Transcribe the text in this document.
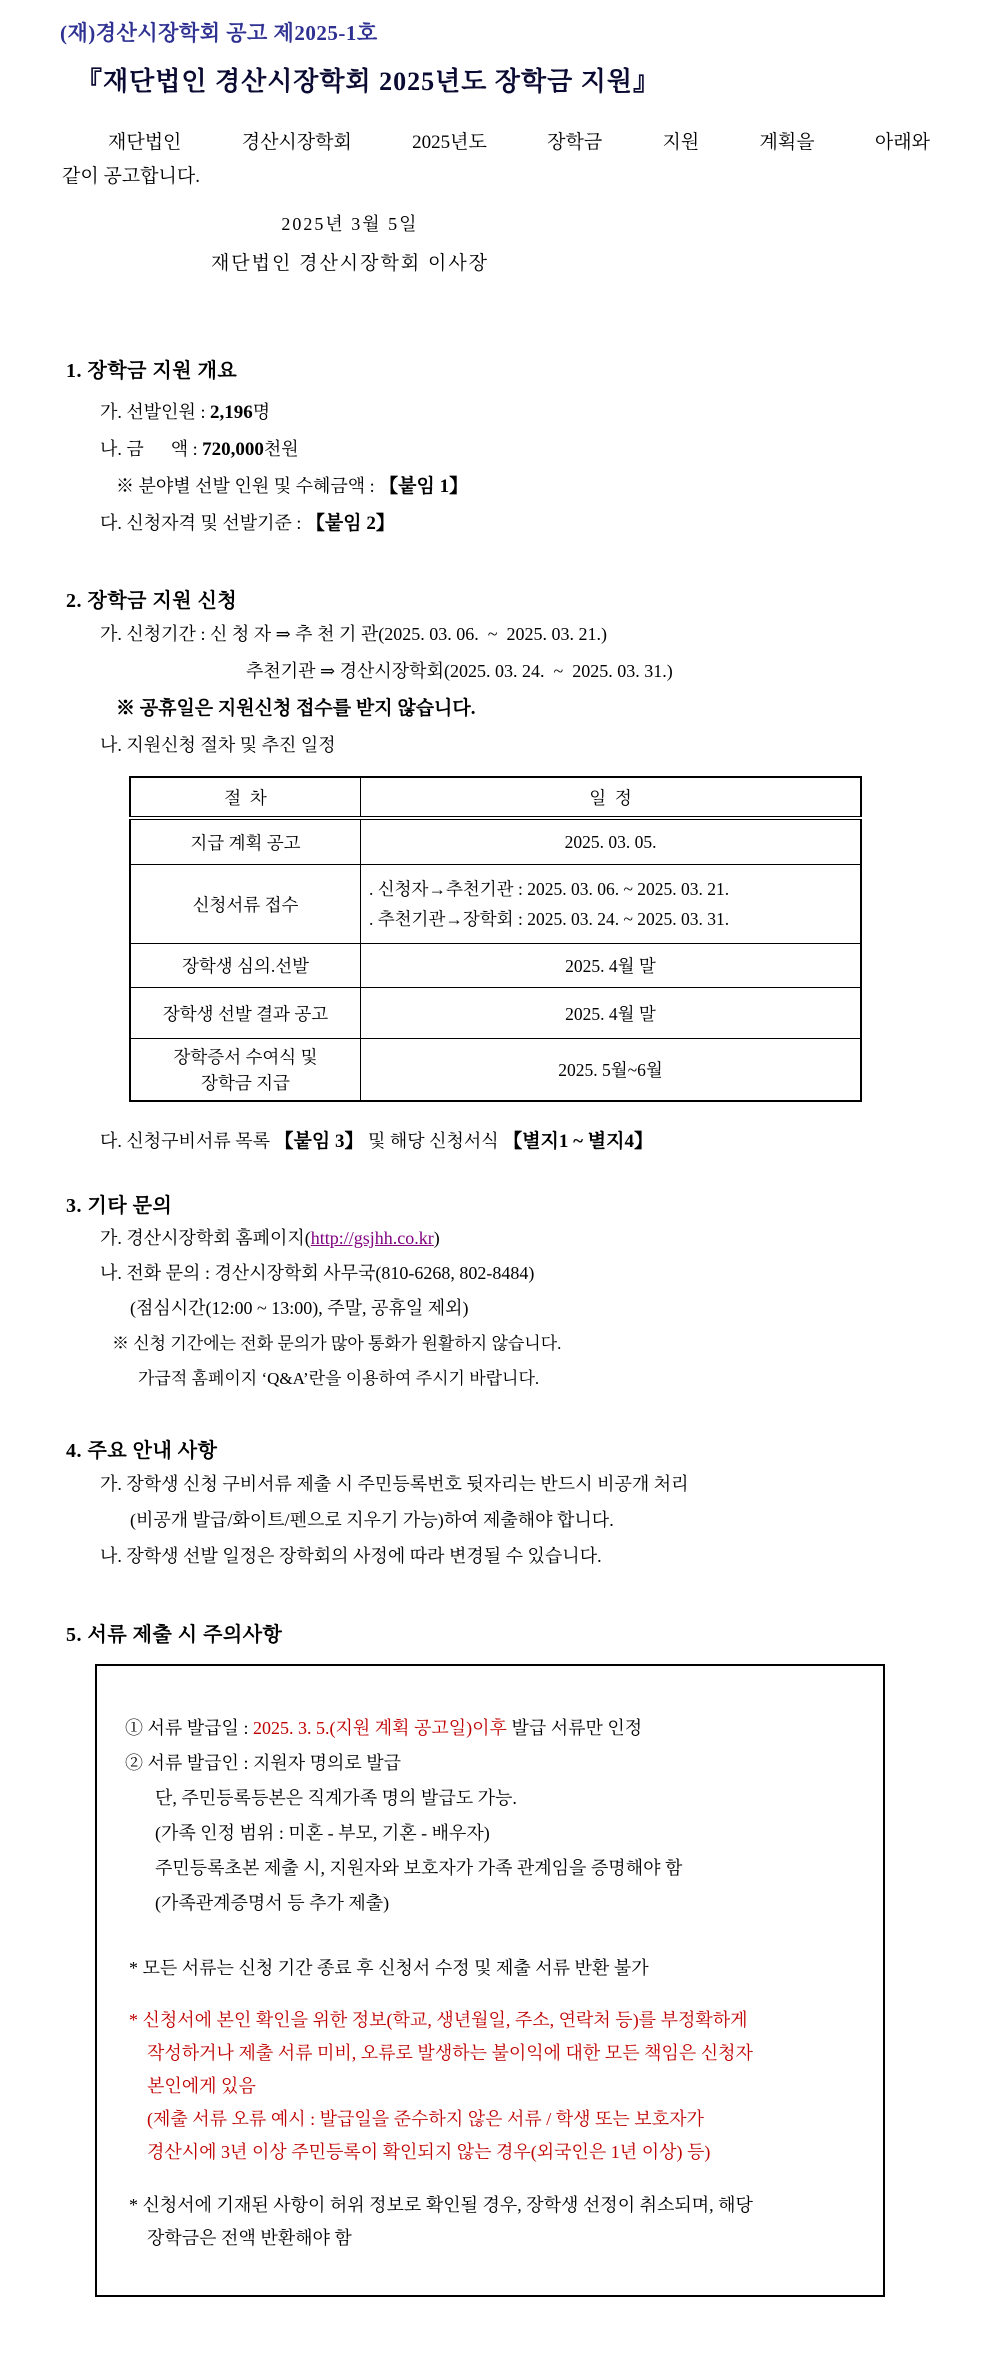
(재)경산시장학회 공고 제2025-1호
『재단법인 경산시장학회 2025년도 장학금 지원』
재단법인 경산시장학회 2025년도 장학금 지원 계획을 아래와
같이 공고합니다.
2025년 3월 5일
재단법인 경산시장학회 이사장
1. 장학금 지원 개요
가. 선발인원 : 2,196명
나. 금      액 : 720,000천원
※ 분야별 선발 인원 및 수혜금액 : 【붙임 1】
다. 신청자격 및 선발기준 : 【붙임 2】
2. 장학금 지원 신청
가. 신청기간 : 신 청 자 ⇒ 추 천 기 관(2025. 03. 06.  ~  2025. 03. 21.)
추천기관 ⇒ 경산시장학회(2025. 03. 24.  ~  2025. 03. 31.)
※ 공휴일은 지원신청 접수를 받지 않습니다.
나. 지원신청 절차 및 추진 일정
절  차	일  정
지급 계획 공고	2025. 03. 05.
신청서류 접수	. 신청자→추천기관 : 2025. 03. 06. ~ 2025. 03. 21.
. 추천기관→장학회 : 2025. 03. 24. ~ 2025. 03. 31.

장학생 심의.선발	2025. 4월 말
장학생 선발 결과 공고	2025. 4월 말

장학증서 수여식 및
장학금 지급	2025. 5월~6월
다. 신청구비서류 목록 【붙임 3】 및 해당 신청서식 【별지1 ~ 별지4】
3. 기타 문의
가. 경산시장학회 홈페이지(http://gsjhh.co.kr)
나. 전화 문의 : 경산시장학회 사무국(810-6268, 802-8484)
(점심시간(12:00 ~ 13:00), 주말, 공휴일 제외)
※ 신청 기간에는 전화 문의가 많아 통화가 원활하지 않습니다.
가급적 홈페이지 ‘Q&A’란을 이용하여 주시기 바랍니다.
4. 주요 안내 사항
가. 장학생 신청 구비서류 제출 시 주민등록번호 뒷자리는 반드시 비공개 처리
(비공개 발급/화이트/펜으로 지우기 가능)하여 제출해야 합니다.
나. 장학생 선발 일정은 장학회의 사정에 따라 변경될 수 있습니다.
5. 서류 제출 시 주의사항
① 서류 발급일 : 2025. 3. 5.(지원 계획 공고일)이후 발급 서류만 인정
② 서류 발급인 : 지원자 명의로 발급
단, 주민등록등본은 직계가족 명의 발급도 가능.
(가족 인정 범위 : 미혼 - 부모, 기혼 - 배우자)
주민등록초본 제출 시, 지원자와 보호자가 가족 관계임을 증명해야 함
(가족관계증명서 등 추가 제출)
* 모든 서류는 신청 기간 종료 후 신청서 수정 및 제출 서류 반환 불가
* 신청서에 본인 확인을 위한 정보(학교, 생년월일, 주소, 연락처 등)를 부정확하게
작성하거나 제출 서류 미비, 오류로 발생하는 불이익에 대한 모든 책임은 신청자
본인에게 있음
(제출 서류 오류 예시 : 발급일을 준수하지 않은 서류 / 학생 또는 보호자가
경산시에 3년 이상 주민등록이 확인되지 않는 경우(외국인은 1년 이상) 등)
* 신청서에 기재된 사항이 허위 정보로 확인될 경우, 장학생 선정이 취소되며, 해당
장학금은 전액 반환해야 함
